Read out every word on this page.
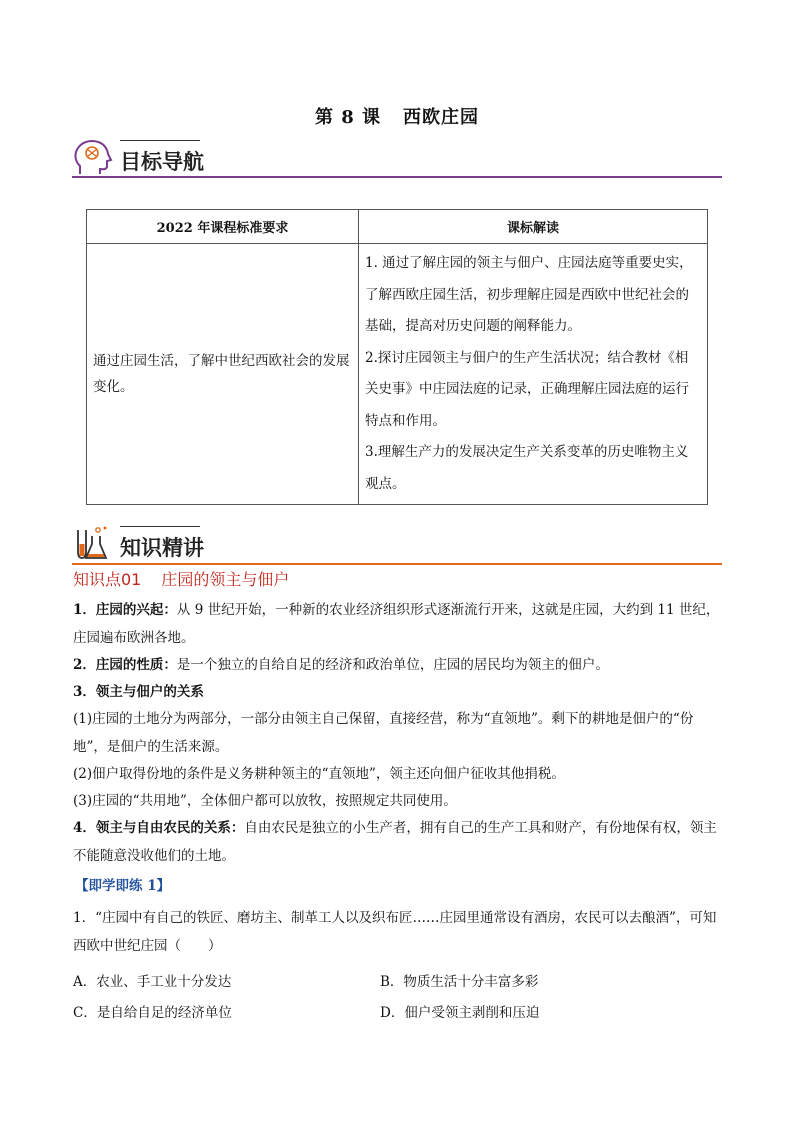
第 8 课 西欧庄园
目标导航
2022 年课程标准要求	课标解读
通过庄园生活，了解中世纪西欧社会的发展变化。	1. 通过了解庄园的领主与佃户、庄园法庭等重要史实，了解西欧庄园生活，初步理解庄园是西欧中世纪社会的基础，提高对历史问题的阐释能力。

2.探讨庄园领主与佃户的生产生活状况；结合教材《相关史事》中庄园法庭的记录，正确理解庄园法庭的运行特点和作用。

3.理解生产力的发展决定生产关系变革的历史唯物主义观点。

知识精讲
知识点01 庄园的领主与佃户
1．庄园的兴起：从 9 世纪开始，一种新的农业经济组织形式逐渐流行开来，这就是庄园，大约到 11 世纪，庄园遍布欧洲各地。
2．庄园的性质：是一个独立的自给自足的经济和政治单位，庄园的居民均为领主的佃户。
3．领主与佃户的关系
(1)庄园的土地分为两部分，一部分由领主自己保留，直接经营，称为“直领地”。剩下的耕地是佃户的“份地”，是佃户的生活来源。
(2)佃户取得份地的条件是义务耕种领主的“直领地”，领主还向佃户征收其他捐税。
(3)庄园的“共用地”，全体佃户都可以放牧，按照规定共同使用。
4．领主与自由农民的关系：自由农民是独立的小生产者，拥有自己的生产工具和财产，有份地保有权，领主不能随意没收他们的土地。
【即学即练 1】
1．“庄园中有自己的铁匠、磨坊主、制革工人以及织布匠……庄园里通常设有酒房，农民可以去酿酒”，可知西欧中世纪庄园（　　）
A．农业、手工业十分发达	B．物质生活十分丰富多彩
C．是自给自足的经济单位	D．佃户受领主剥削和压迫
